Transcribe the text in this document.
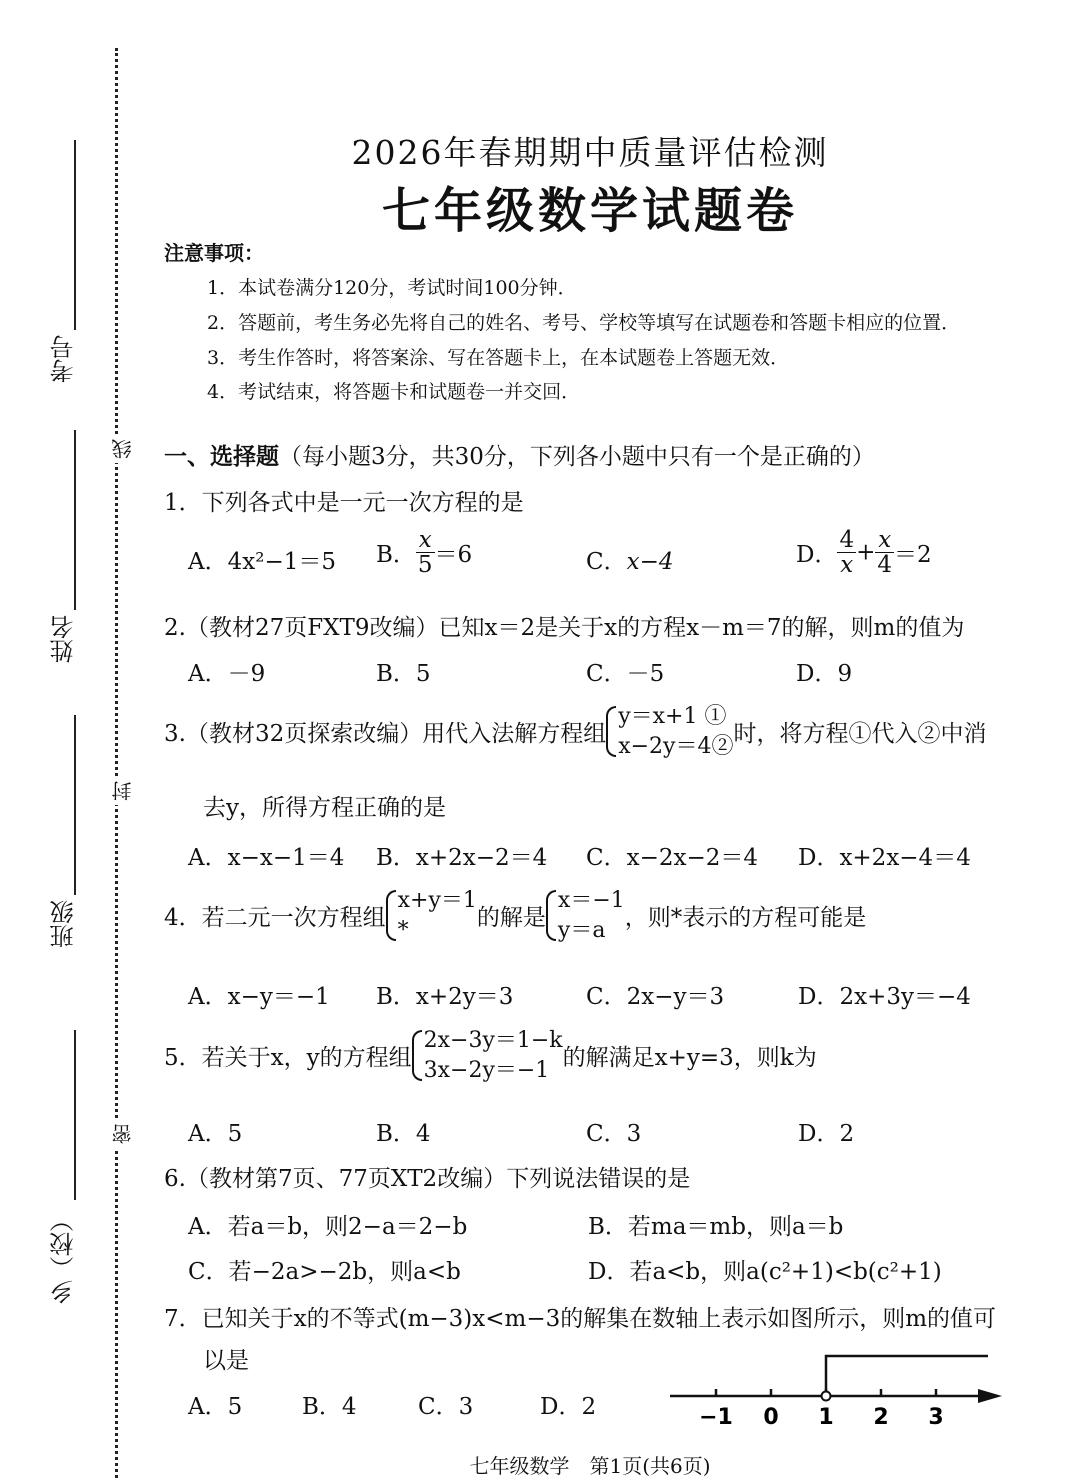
考号
姓名
班级
乡（校）
线
封
密
2026年春期期中质量评估检测
七年级数学试题卷
注意事项：
1．本试卷满分120分，考试时间100分钟．
2．答题前，考生务必先将自己的姓名、考号、学校等填写在试题卷和答题卡相应的位置．
3．考生作答时，将答案涂、写在答题卡上，在本试题卷上答题无效．
4．考试结束，将答题卡和试题卷一并交回．
一、选择题（每小题3分，共30分，下列各小题中只有一个是正确的）
1．下列各式中是一元一次方程的是
A．4x²−1＝5 B． $\frac{x}{5} =6$	C．x−4	D． $\frac{4}{x} + \frac{x}{4} =2$
2.（教材27页FXT9改编）已知x＝2是关于x的方程x－m＝7的解，则m的值为
A．－9	B．5	C．－5	D．9
3.（教材32页探索改编）用代入法解方程组
y＝x+1 ①
x−2y＝4② 时，将方程①代入②中消
去y，所得方程正确的是
A．x−x−1＝4 B．x+2x−2＝4 C．x−2x−2＝4 D．x+2x−4＝4
4．若二元一次方程组
x+y＝1
*	的解是
x＝−1
y＝a ，则*表示的方程可能是
A．x−y＝−1 B．x+2y＝3	C．2x−y＝3	D．2x+3y＝−4
5．若关于x，y的方程组
2x−3y＝1−k
3x−2y＝−1 的解满足x+y=3，则k为
A．5	B．4	C．3	D．2
6.（教材第7页、77页XT2改编）下列说法错误的是
A．若a＝b，则2−a＝2−b	B．若ma＝mb，则a＝b
C．若−2a>−2b，则a<b	D．若a<b，则a(c²+1)<b(c²+1)
7．已知关于x的不等式(m−3)x<m−3的解集在数轴上表示如图所示，则m的值可
以是
A．5	B．4	C．3	D．2	−1 0 1 2 3
七年级数学　第1页(共6页)
